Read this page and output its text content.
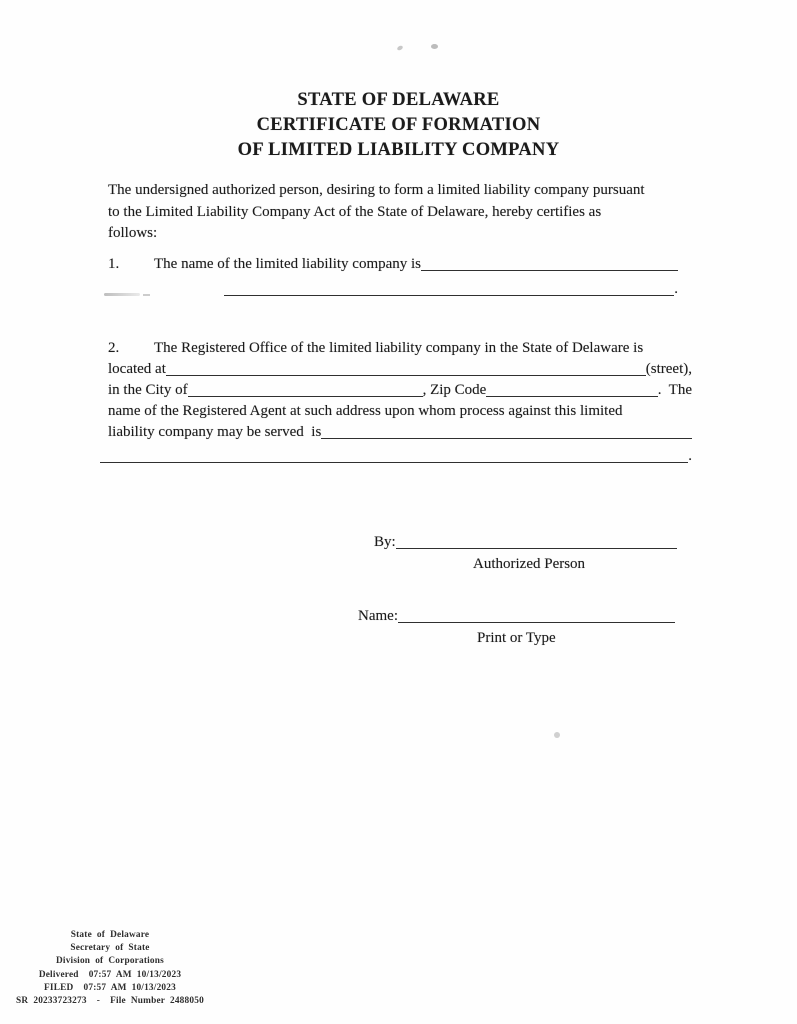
STATE OF DELAWARE
CERTIFICATE OF FORMATION
OF LIMITED LIABILITY COMPANY
The undersigned authorized person, desiring to form a limited liability company pursuant
to the Limited Liability Company Act of the State of Delaware, hereby certifies as
follows:
1.	The name of the limited liability company is
.
2.	The Registered Office of the limited liability company in the State of Delaware is
located at	(street),
in the City of	, Zip Code	.  The
name of the Registered Agent at such address upon whom process against this limited
liability company may be served  is
.
By:
Authorized Person
Name:
Print or Type
State of Delaware
Secretary of State
Division of Corporations
Delivered  07:57 AM 10/13/2023
FILED  07:57 AM 10/13/2023
SR 20233723273  -  File Number 2488050
